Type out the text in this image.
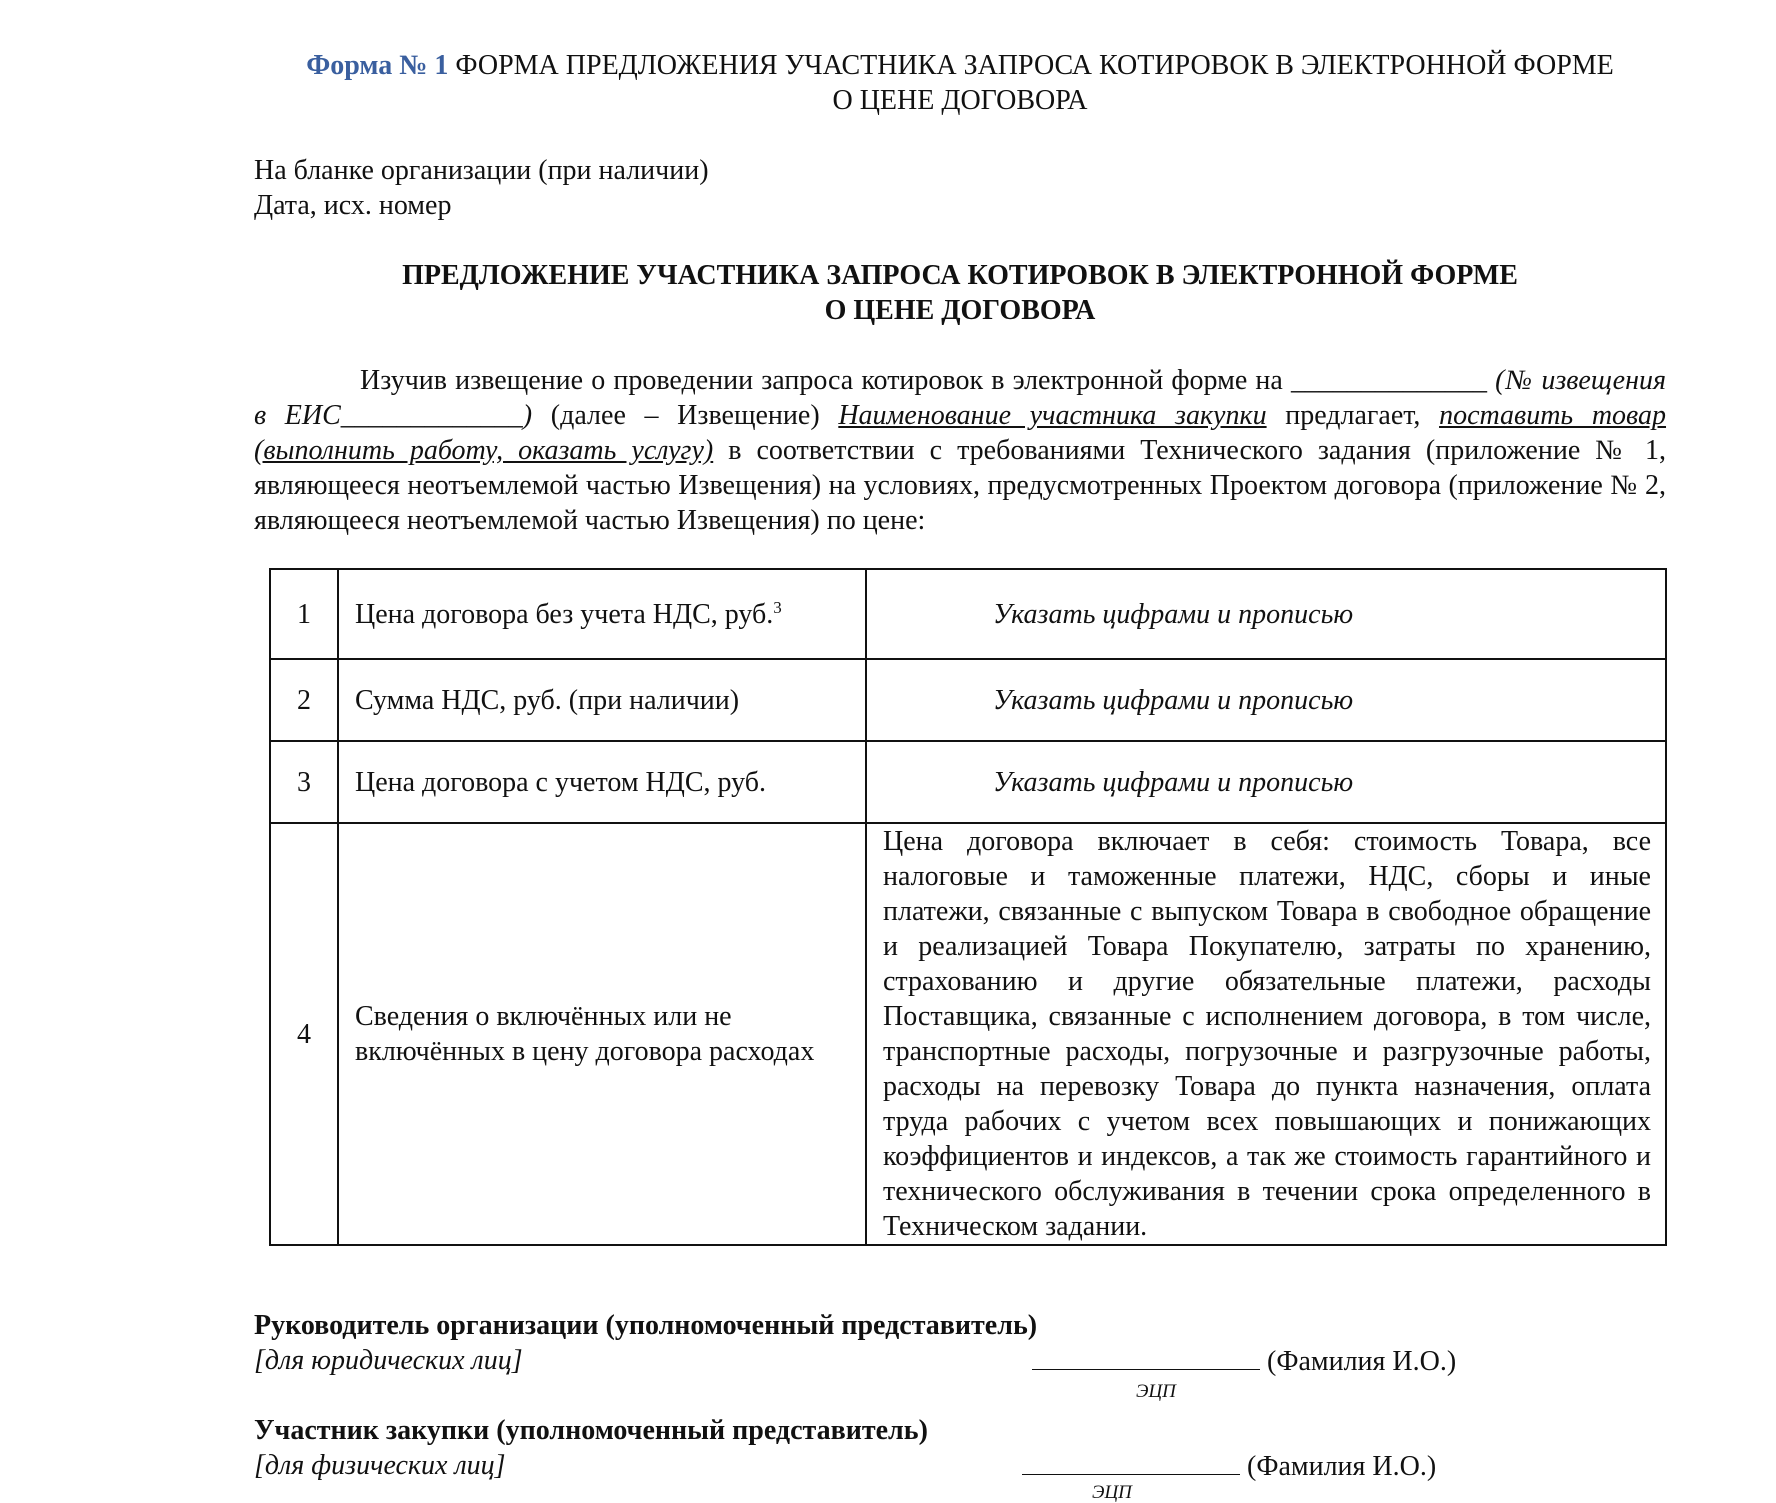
Форма № 1 ФОРМА ПРЕДЛОЖЕНИЯ УЧАСТНИКА ЗАПРОСА КОТИРОВОК В ЭЛЕКТРОННОЙ ФОРМЕ
О ЦЕНЕ ДОГОВОРА
На бланке организации (при наличии)
Дата, исх. номер
ПРЕДЛОЖЕНИЕ УЧАСТНИКА ЗАПРОСА КОТИРОВОК В ЭЛЕКТРОННОЙ ФОРМЕ
О ЦЕНЕ ДОГОВОРА

Изучив извещение о проведении запроса котировок в электронной форме на ______________ (№ извещения в ЕИС_____________) (далее – Извещение) Наименование участника закупки предлагает, поставить товар (выполнить работу, оказать услугу) в соответствии с требованиями Технического задания (приложение № 1, являющееся неотъемлемой частью Извещения) на условиях, предусмотренных Проектом договора (приложение № 2, являющееся неотъемлемой частью Извещения) по цене:

1	Цена договора без учета НДС, руб.$^3$	Указать цифрами и прописью
2	Сумма НДС, руб. (при наличии)	Указать цифрами и прописью
3	Цена договора с учетом НДС, руб.	Указать цифрами и прописью
4	Сведения о включённых или не включённых в цену договора расходах	Цена договора включает в себя: стоимость Товара, все налоговые и таможенные платежи, НДС, сборы и иные платежи, связанные с выпуском Товара в свободное обращение и реализацией Товара Покупателю, затраты по хранению, страхованию и другие обязательные платежи, расходы Поставщика, связанные с исполнением договора, в том числе, транспортные расходы, погрузочные и разгрузочные работы, расходы на перевозку Товара до пункта назначения, оплата труда рабочих с учетом всех повышающих и понижающих коэффициентов и индексов, а так же стоимость гарантийного и технического обслуживания в течении срока определенного в Техническом задании.
Руководитель организации (уполномоченный представитель)
[для юридических лиц]	(Фамилия И.О.)
ЭЦП
Участник закупки (уполномоченный представитель)
[для физических лиц]	(Фамилия И.О.)
ЭЦП
